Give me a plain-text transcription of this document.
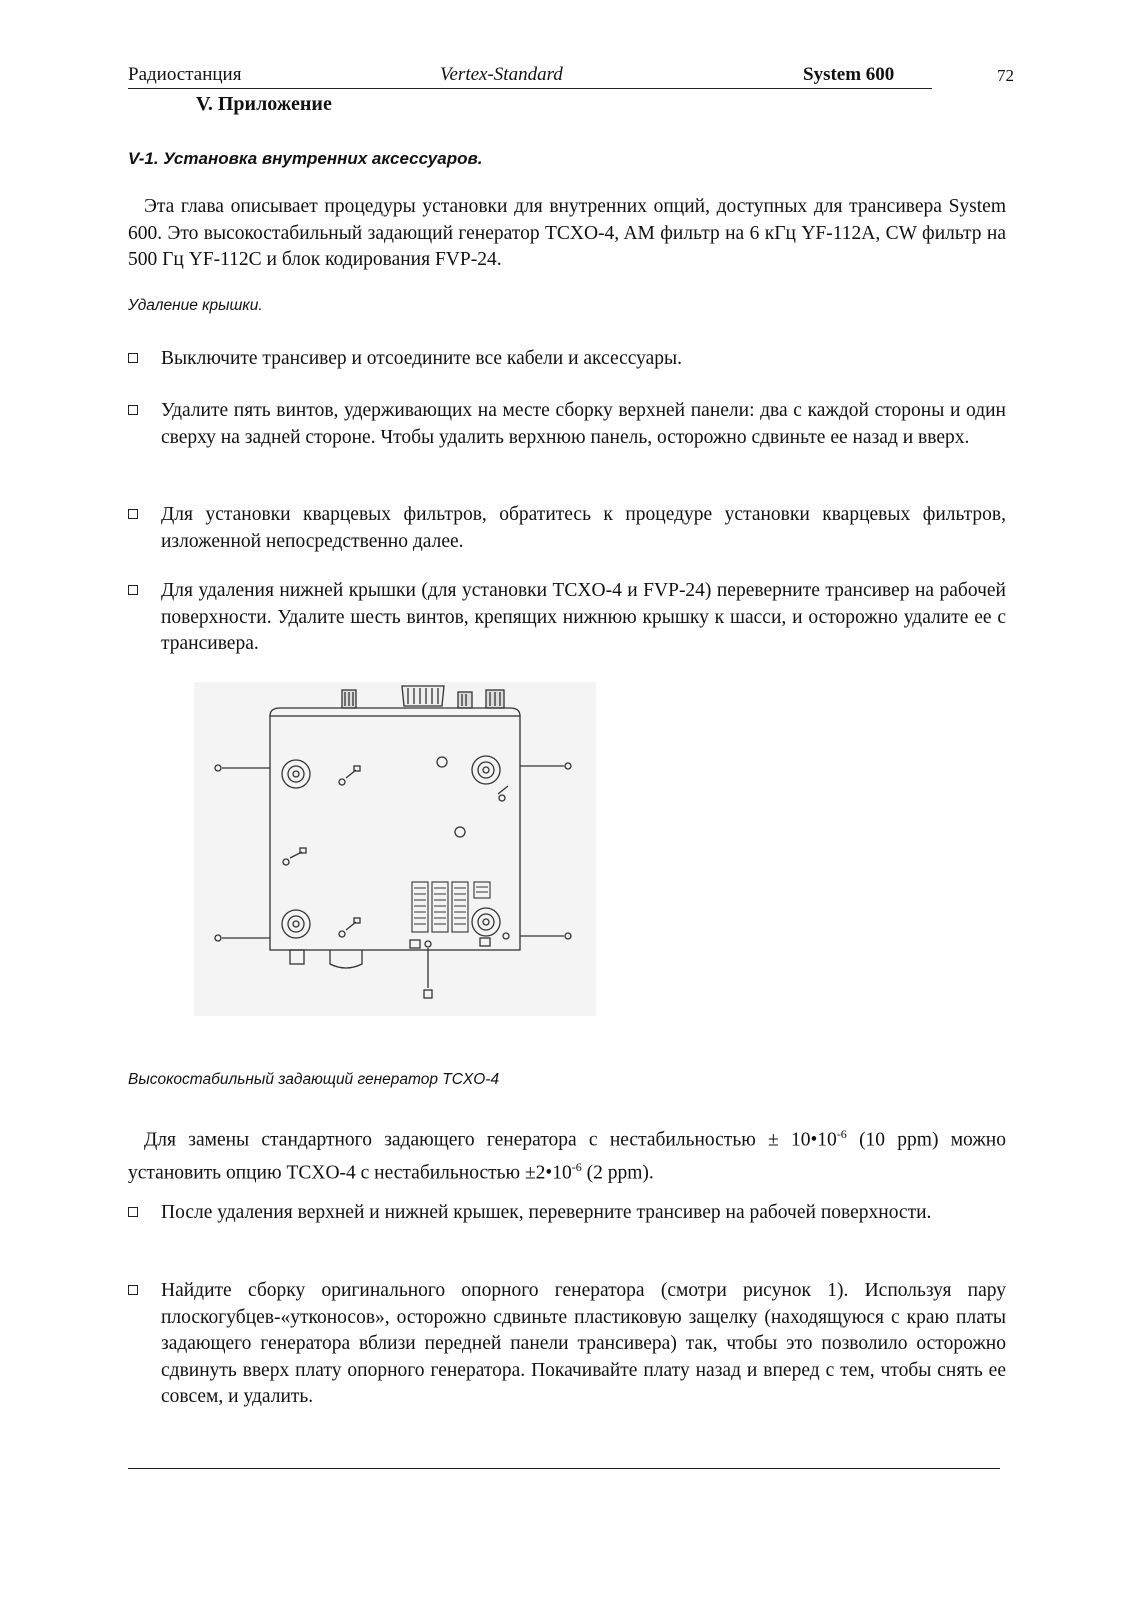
Радиостанция	Vertex-Standard	System 600	72
V. Приложение
V-1. Установка внутренних аксессуаров.

Эта глава описывает процедуры установки для внутренних опций, доступных для трансивера System 600. Это высокостабильный задающий генератор TCXO-4, AM фильтр на 6 кГц YF-112A, CW фильтр на 500 Гц YF-112C и блок кодирования FVP-24.

Удаление крышки.
Выключите трансивер и отсоедините все кабели и аксессуары.
Удалите пять винтов, удерживающих на месте сборку верхней панели: два с каждой стороны и один сверху на задней стороне. Чтобы удалить верхнюю панель, осторожно сдвиньте ее назад и вверх.
Для установки кварцевых фильтров, обратитесь к процедуре установки кварцевых фильтров, изложенной непосредственно далее.
Для удаления нижней крышки (для установки TCXO-4 и FVP-24) переверните трансивер на рабочей поверхности. Удалите шесть винтов, крепящих нижнюю крышку к шасси, и осторожно удалите ее с трансивера.
Высокостабильный задающий генератор TCXO-4

Для замены стандартного задающего генератора с нестабильностью ± $10•10^{-6}$ (10 ppm) можно установить опцию TCXO-4 с нестабильностью $\pm 2•10^{-6}$ (2 ppm).

После удаления верхней и нижней крышек, переверните трансивер на рабочей поверхности.
Найдите сборку оригинального опорного генератора (смотри рисунок 1). Используя пару плоскогубцев-«утконосов», осторожно сдвиньте пластиковую защелку (находящуюся с краю платы задающего генератора вблизи передней панели трансивера) так, чтобы это позволило осторожно сдвинуть вверх плату опорного генератора. Покачивайте плату назад и вперед с тем, чтобы снять ее совсем, и удалить.
